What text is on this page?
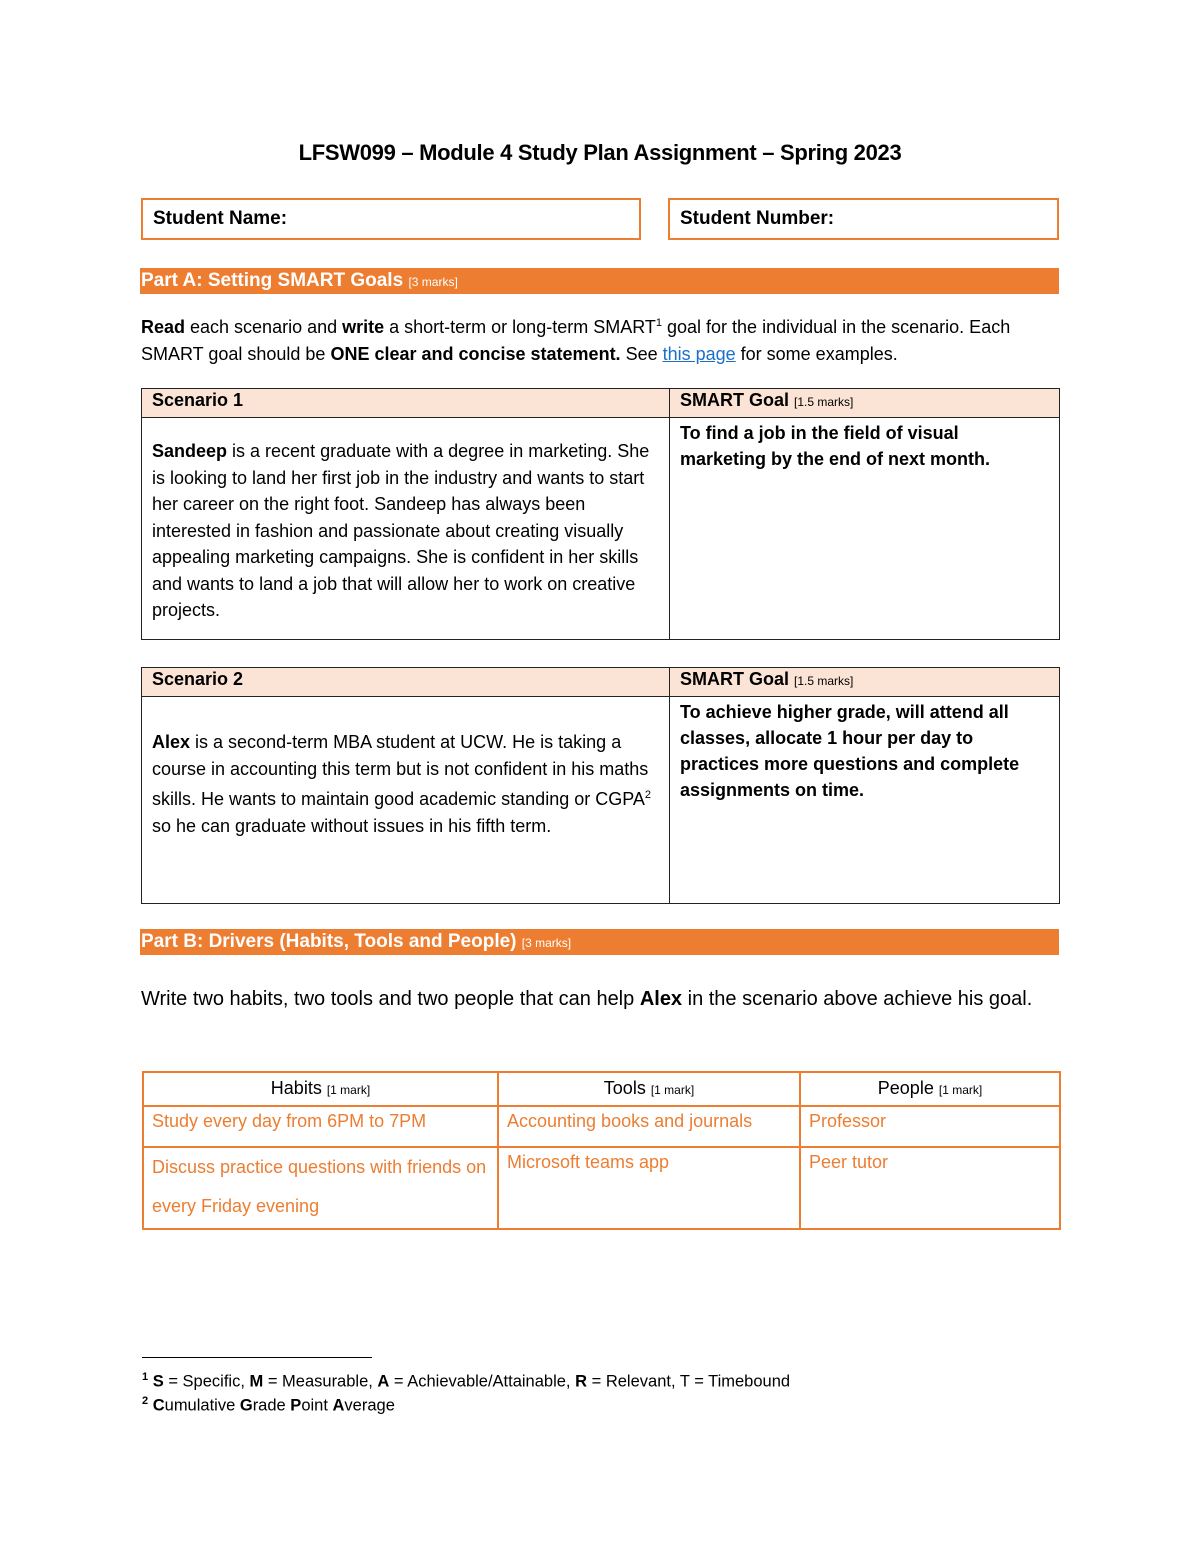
LFSW099 – Module 4 Study Plan Assignment – Spring 2023
Student Name:	Student Number:
Part A: Setting SMART Goals [3 marks]
Read each scenario and write a short-term or long-term SMART$^1$ goal for the individual in the scenario. Each SMART goal should be ONE clear and concise statement. See this page for some examples.
Scenario 1	SMART Goal [1.5 marks]
Sandeep is a recent graduate with a degree in marketing. She is looking to land her first job in the industry and wants to start her career on the right foot. Sandeep has always been interested in fashion and passionate about creating visually appealing marketing campaigns. She is confident in her skills and wants to land a job that will allow her to work on creative projects.	To find a job in the field of visual marketing by the end of next month.
Scenario 2	SMART Goal [1.5 marks]
Alex is a second-term MBA student at UCW. He is taking a course in accounting this term but is not confident in his maths skills. He wants to maintain good academic standing or CGPA$^2$ so he can graduate without issues in his fifth term.	To achieve higher grade, will attend all classes, allocate 1 hour per day to practices more questions and complete assignments on time.
Part B: Drivers (Habits, Tools and People) [3 marks]
Write two habits, two tools and two people that can help Alex in the scenario above achieve his goal.
Habits [1 mark]	Tools [1 mark]	People [1 mark]
Study every day from 6PM to 7PM	Accounting books and journals	Professor
Discuss practice questions with friends on every Friday evening	Microsoft teams app	Peer tutor
$^1$ S = Specific, M = Measurable, A = Achievable/Attainable, R = Relevant, T = Timebound
$^2$ Cumulative Grade Point Average
